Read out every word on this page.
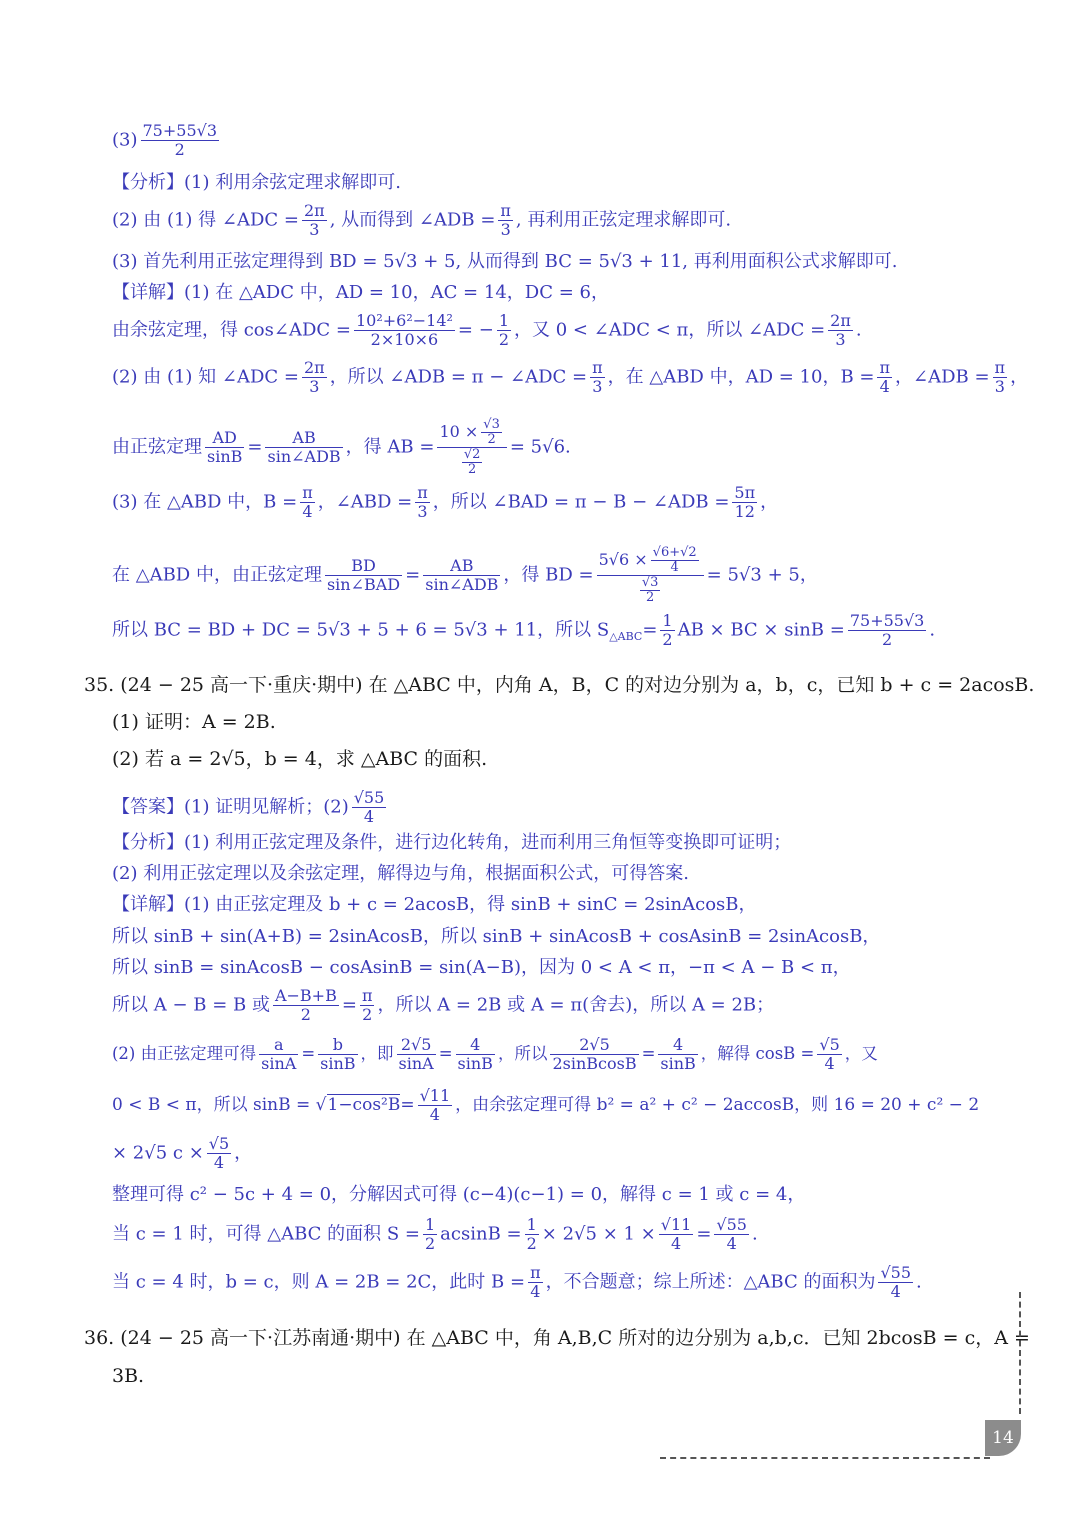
$(3) \frac{75+55√3}{2}$
【分析】(1) 利用余弦定理求解即可.
(2) 由 (1) 得 ∠ADC = $\frac{2\pi}{3}$ , 从而得到 ∠ADB = $\frac{\pi}{3}$ , 再利用正弦定理求解即可.
(3) 首先利用正弦定理得到 BD = 5√3 + 5, 从而得到 BC = 5√3 + 11, 再利用面积公式求解即可.
【详解】(1) 在 △ADC 中，AD = 10，AC = 14，DC = 6，
由余弦定理，得 cos∠ADC = $\frac{\text{10²+6²−14²}}{2\times 10\times 6}$ = − $\frac{1}{2}$ ，又 0 < ∠ADC < π，所以 ∠ADC = $\frac{2\pi}{3}$ .
(2) 由 (1) 知 ∠ADC = $\frac{2\pi}{3}$ ，所以 ∠ADB = π − ∠ADC = $\frac{\pi}{3}$ ，在 △ABD 中，AD = 10，$B = \frac{\pi}{4}$ ，∠ADB = $\frac{\pi}{3}$ ，
由正弦定理 $\frac{AD}{\sin B} = \frac{AB}{\text{sin∠ADB}}$ ，得 AB = $\frac{10 \times \frac{√3}{2}}{\frac{√2}{2}} = 5√6$.
(3) 在 △ABD 中，$B = \frac{\pi}{4}$ ，∠ABD = $\frac{\pi}{3}$ ，所以 ∠BAD = π − B − ∠ADB = $\frac{5\pi}{12}$ ，
在 △ABD 中，由正弦定理 $\frac{BD}{\text{sin∠BAD}} = \frac{AB}{\text{sin∠ADB}}$ ，得 BD = $\frac{5√6 \times \frac{√6+√2}{4}}{\frac{√3}{2}} = 5√3 + 5$，
所以 BC = BD + DC = 5√3 + 5 + 6 = 5√3 + 11，所以 $S_{\triangle ABC}= \frac{1}{2}$ AB × BC × $\sin B = \frac{75+55√3}{2}$ .
35. (24 − 25 高一下·重庆·期中) 在 △ABC 中，内角 A，B，C 的对边分别为 a，b，c，已知 b + c = 2acosB.
(1) 证明：A = 2B.
(2) 若 a = 2√5，b = 4，求 △ABC 的面积.
【答案】(1) 证明见解析；$(2) \frac{√55}{4}$
【分析】(1) 利用正弦定理及条件，进行边化转角，进而利用三角恒等变换即可证明；
(2) 利用正弦定理以及余弦定理，解得边与角，根据面积公式，可得答案.
【详解】(1) 由正弦定理及 b + c = 2acosB，得 sinB + sinC = 2sinAcosB，
所以 sinB + sin(A+B) = 2sinAcosB，所以 sinB + sinAcosB + cosAsinB = 2sinAcosB，
所以 sinB = sinAcosB − cosAsinB = sin(A−B)，因为 0 < A < π，−π < A − B < π，
所以 A − B = B 或 $\frac{A-B+B}{2} = \frac{\pi}{2}$ ，所以 A = 2B 或 A = π(舍去)，所以 A = 2B；
(2) 由正弦定理可得 $\frac{a}{\sin A} = \frac{b}{\sin B}$ ，即 $\frac{2√5}{\sin A} = \frac{4}{\sin B}$ ，所以 $\frac{2√5}{\text{2sinBcosB}} = \frac{4}{\sin B}$ ，解得 $\cos B = \frac{√5}{4}$ ，又
0 < B < π，所以 $\sin B = √1-\cos^2B= \frac{√11}{4}$ ，由余弦定理可得 b² = a² + c² − 2accosB，则 16 = 20 + c² − 2
× 2√5 $c \times \frac{√5}{4}$ ，
整理可得 c² − 5c + 4 = 0，分解因式可得 (c−4)(c−1) = 0，解得 c = 1 或 c = 4，
当 c = 1 时，可得 △ABC 的面积 $S = \frac{1}{2}$ $acsinB = \frac{1}{2} \times 2√5 \times 1 \times \frac{√11}{4} = \frac{√55}{4}$ .
当 c = 4 时，b = c，则 A = 2B = 2C，此时 $B = \frac{\pi}{4}$ ，不合题意；综上所述：△ABC 的面积为 $\frac{√55}{4}$ .
36. (24 − 25 高一下·江苏南通·期中) 在 △ABC 中，角 A,B,C 所对的边分别为 a,b,c．已知 2bcosB = c，A =
3B.
14
